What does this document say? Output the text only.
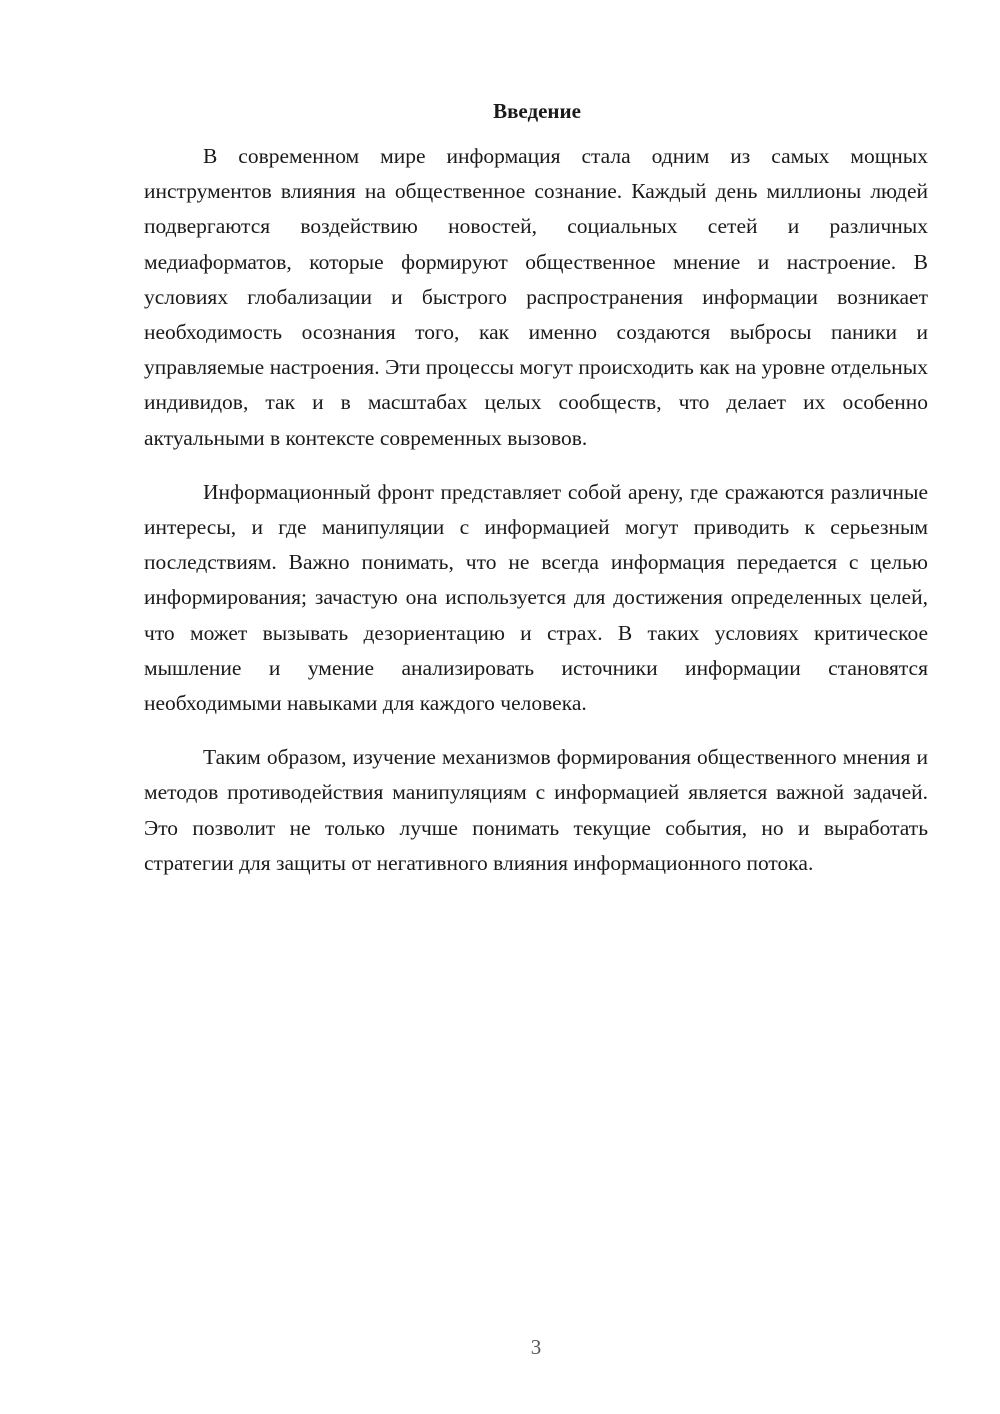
Введение

В современном мире информация стала одним из самых мощных инструментов влияния на общественное сознание. Каждый день миллионы людей подвергаются воздействию новостей, социальных сетей и различных медиаформатов, которые формируют общественное мнение и настроение. В условиях глобализации и быстрого распространения информации возникает необходимость осознания того, как именно создаются выбросы паники и управляемые настроения. Эти процессы могут происходить как на уровне отдельных индивидов, так и в масштабах целых сообществ, что делает их особенно актуальными в контексте современных вызовов.

Информационный фронт представляет собой арену, где сражаются различные интересы, и где манипуляции с информацией могут приводить к серьезным последствиям. Важно понимать, что не всегда информация передается с целью информирования; зачастую она используется для достижения определенных целей, что может вызывать дезориентацию и страх. В таких условиях критическое мышление и умение анализировать источники информации становятся необходимыми навыками для каждого человека.

Таким образом, изучение механизмов формирования общественного мнения и методов противодействия манипуляциям с информацией является важной задачей. Это позволит не только лучше понимать текущие события, но и выработать стратегии для защиты от негативного влияния информационного потока.

3
